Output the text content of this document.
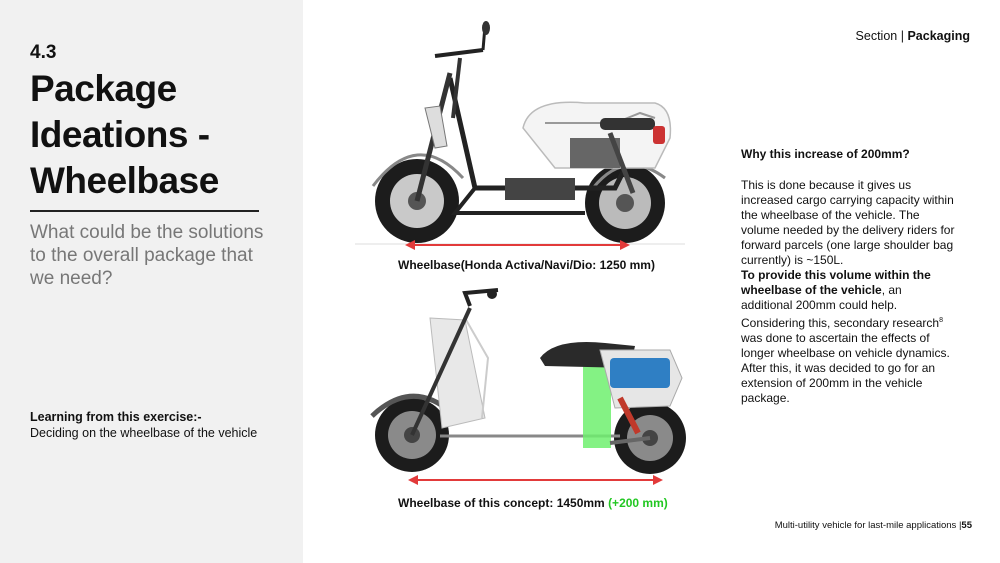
4.3
Package
Ideations -
Wheelbase
What could be the solutions
to the overall package that
we need?
Learning from this exercise:-
Deciding on the wheelbase of the vehicle
Section | Packaging
Wheelbase(Honda Activa/Navi/Dio: 1250 mm)
Wheelbase of this concept: 1450mm (+200 mm)
Why this increase of 200mm?

This is done because it gives us increased cargo carrying capacity within the wheelbase of the vehicle. The volume needed by the delivery riders for forward parcels (one large shoulder bag currently) is ~150L.

To provide this volume within the wheelbase of the vehicle, an additional 200mm could help. Considering this, secondary research$^8$ was done to ascertain the effects of longer wheelbase on vehicle dynamics.

After this, it was decided to go for an extension of 200mm in the vehicle package.

Multi-utility vehicle for last-mile applications |55
